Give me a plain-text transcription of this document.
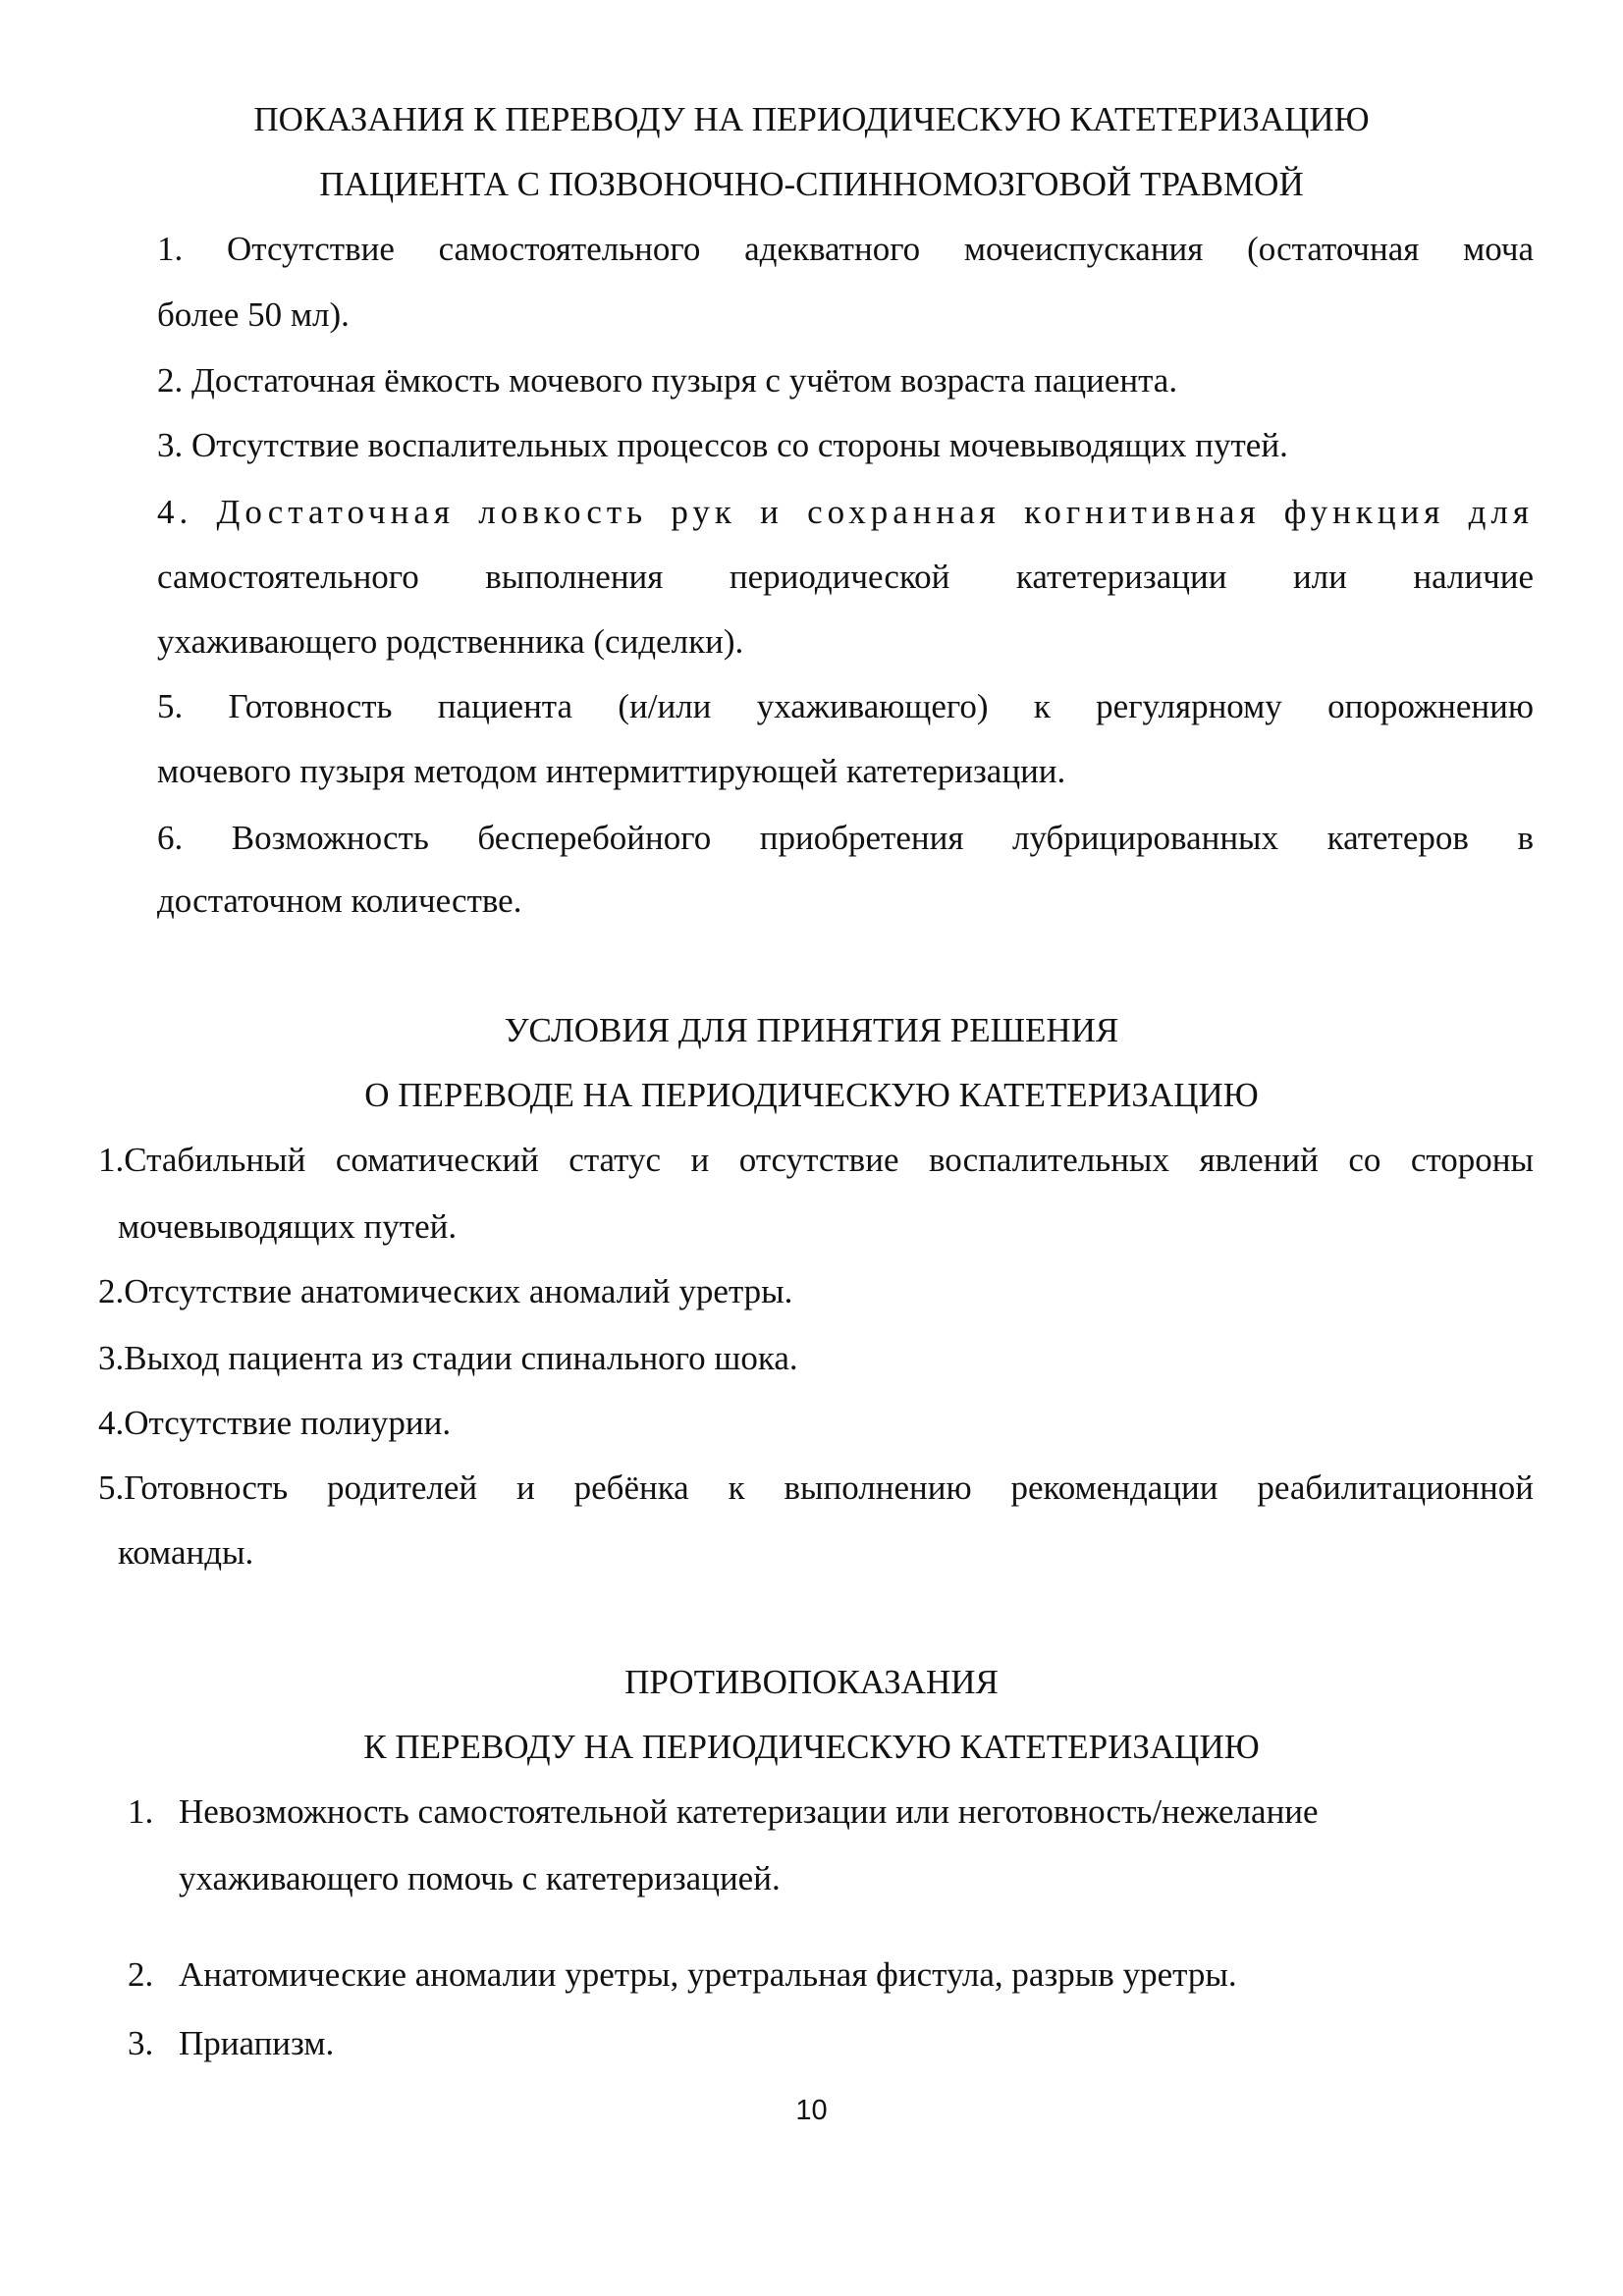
ПОКАЗАНИЯ К ПЕРЕВОДУ НА ПЕРИОДИЧЕСКУЮ КАТЕТЕРИЗАЦИЮ

ПАЦИЕНТА С ПОЗВОНОЧНО-СПИННОМОЗГОВОЙ ТРАВМОЙ

1. Отсутствие самостоятельного адекватного мочеиспускания (остаточная моча

более 50 мл).

2. Достаточная ёмкость мочевого пузыря с учётом возраста пациента.

3. Отсутствие воспалительных процессов со стороны мочевыводящих путей.

4. Достаточная ловкость рук и сохранная когнитивная функция для

самостоятельного выполнения периодической катетеризации или наличие

ухаживающего родственника (сиделки).

5. Готовность пациента (и/или ухаживающего) к регулярному опорожнению

мочевого пузыря методом интермиттирующей катетеризации.

6. Возможность бесперебойного приобретения лубрицированных катетеров в

достаточном количестве.

УСЛОВИЯ ДЛЯ ПРИНЯТИЯ РЕШЕНИЯ

О ПЕРЕВОДЕ НА ПЕРИОДИЧЕСКУЮ КАТЕТЕРИЗАЦИЮ

1.Стабильный соматический статус и отсутствие воспалительных явлений со стороны

мочевыводящих путей.

2.Отсутствие анатомических аномалий уретры.

3.Выход пациента из стадии спинального шока.

4.Отсутствие полиурии.

5.Готовность родителей и ребёнка к выполнению рекомендации реабилитационной

команды.

ПРОТИВОПОКАЗАНИЯ

К ПЕРЕВОДУ НА ПЕРИОДИЧЕСКУЮ КАТЕТЕРИЗАЦИЮ

1. Невозможность самостоятельной катетеризации или неготовность/нежелание

ухаживающего помочь с катетеризацией.

2. Анатомические аномалии уретры, уретральная фистула, разрыв уретры.

3. Приапизм.

10
